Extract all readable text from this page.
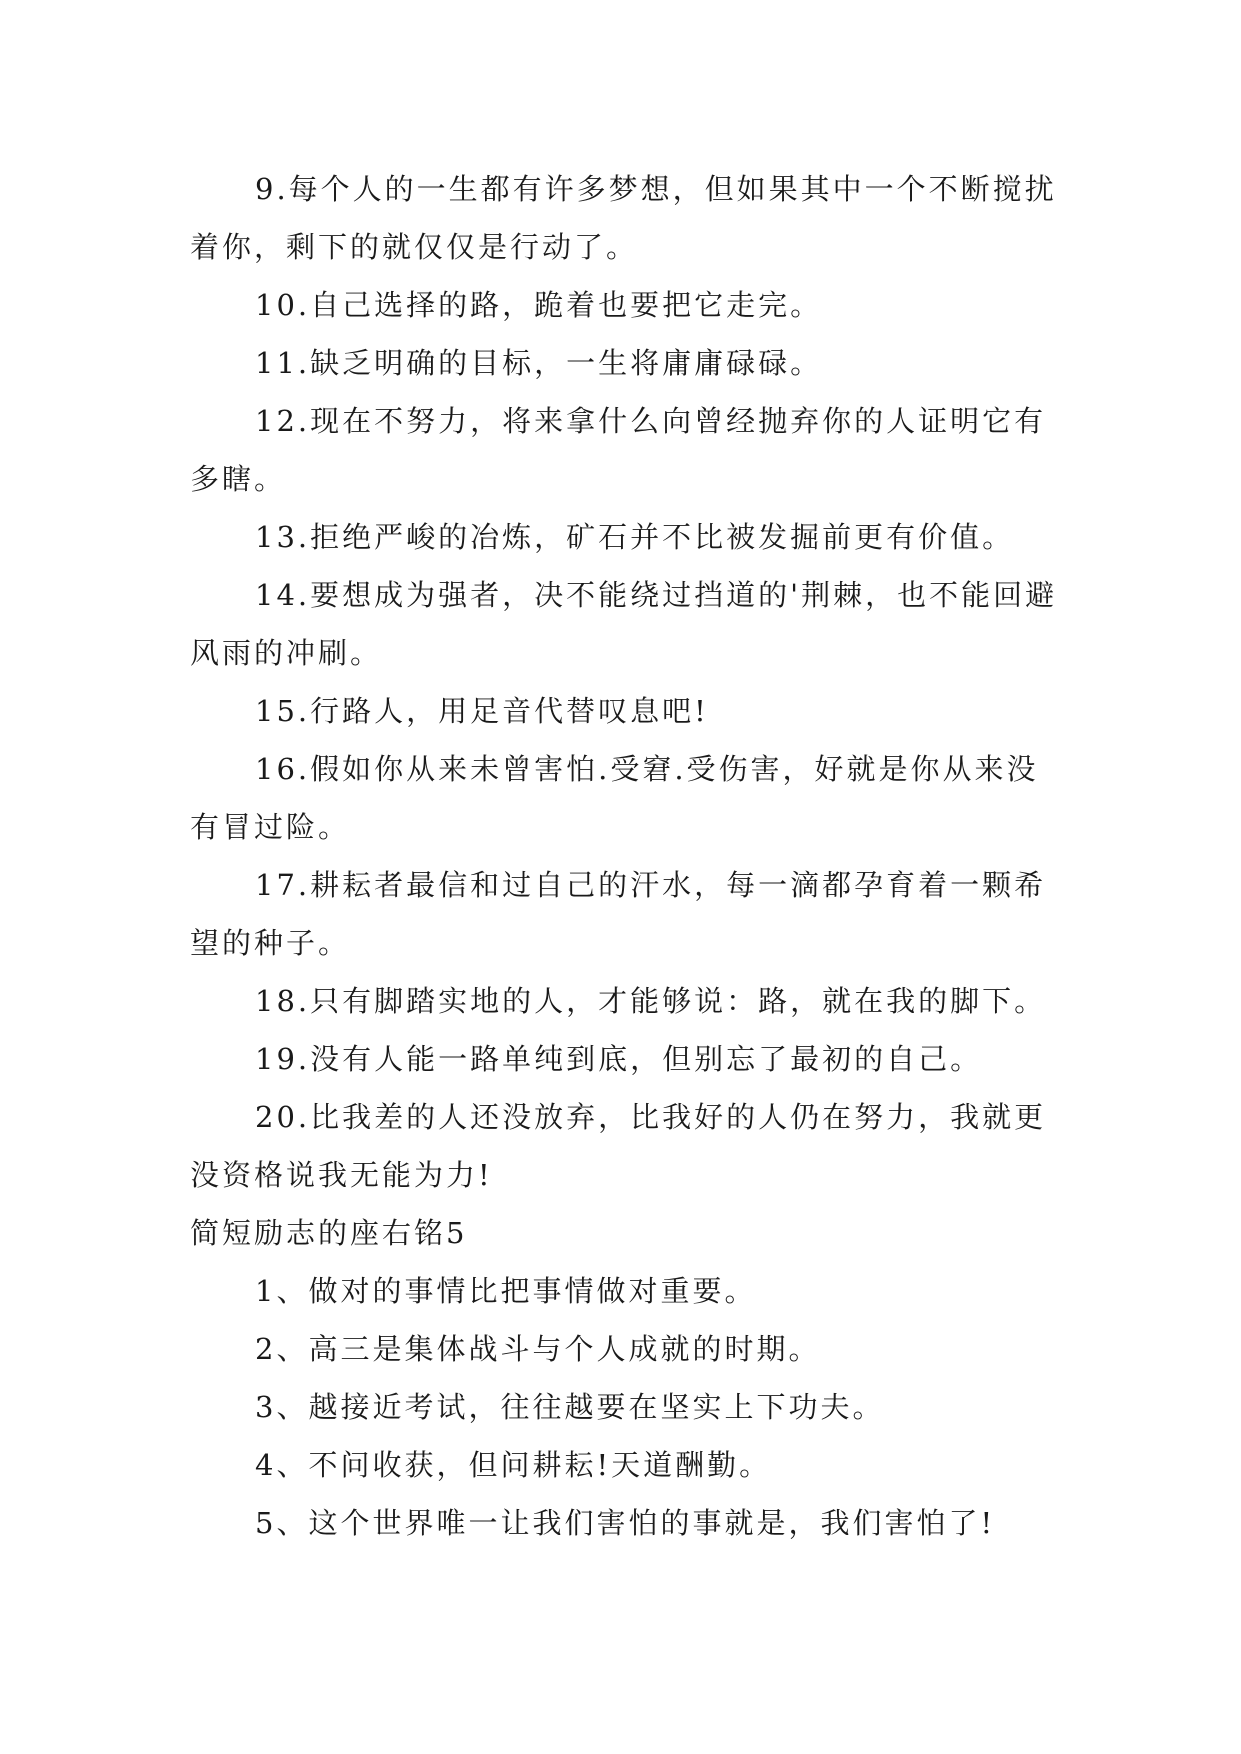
9.每个人的一生都有许多梦想，但如果其中一个不断搅扰着你，剩下的就仅仅是行动了。

10.自己选择的路，跪着也要把它走完。

11.缺乏明确的目标，一生将庸庸碌碌。

12.现在不努力，将来拿什么向曾经抛弃你的人证明它有多瞎。

13.拒绝严峻的冶炼，矿石并不比被发掘前更有价值。

14.要想成为强者，决不能绕过挡道的'荆棘，也不能回避风雨的冲刷。

15.行路人，用足音代替叹息吧!

16.假如你从来未曾害怕.受窘.受伤害，好就是你从来没有冒过险。

17.耕耘者最信和过自己的汗水，每一滴都孕育着一颗希望的种子。

18.只有脚踏实地的人，才能够说：路，就在我的脚下。

19.没有人能一路单纯到底，但别忘了最初的自己。

20.比我差的人还没放弃，比我好的人仍在努力，我就更没资格说我无能为力!

简短励志的座右铭5

1、做对的事情比把事情做对重要。

2、高三是集体战斗与个人成就的时期。

3、越接近考试，往往越要在坚实上下功夫。

4、不问收获，但问耕耘!天道酬勤。

5、这个世界唯一让我们害怕的事就是，我们害怕了!
